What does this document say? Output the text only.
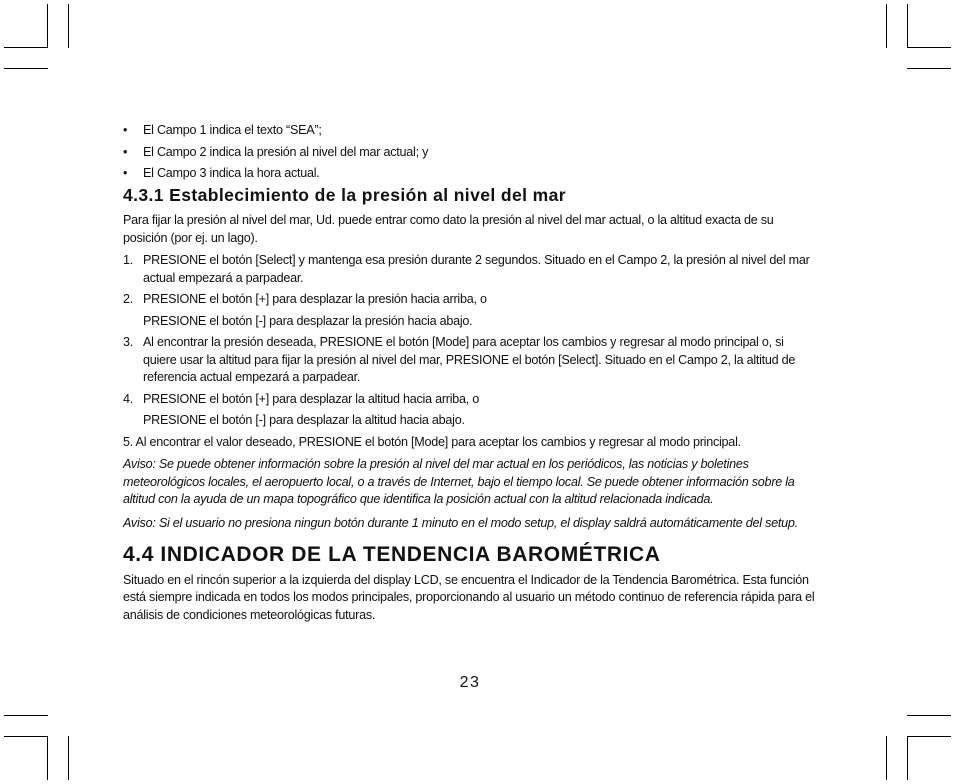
• El Campo 1 indica el texto “SEA”;
• El Campo 2 indica la presión al nivel del mar actual; y
• El Campo 3 indica la hora actual.
4.3.1 Establecimiento de la presión al nivel del mar

Para fijar la presión al nivel del mar, Ud. puede entrar como dato la presión al nivel del mar actual, o la altitud exacta de su posición (por ej. un lago).

1. PRESIONE el botón [Select] y mantenga esa presión durante 2 segundos. Situado en el Campo 2, la presión al nivel del mar actual empezará a parpadear.
2. PRESIONE el botón [+] para desplazar la presión hacia arriba, o
PRESIONE el botón [-] para desplazar la presión hacia abajo.
3. Al encontrar la presión deseada, PRESIONE el botón [Mode] para aceptar los cambios y regresar al modo principal o, si quiere usar la altitud para fijar la presión al nivel del mar, PRESIONE el botón [Select]. Situado en el Campo 2, la altitud de referencia actual empezará a parpadear.
4. PRESIONE el botón [+] para desplazar la altitud hacia arriba, o
PRESIONE el botón [-] para desplazar la altitud hacia abajo.

5. Al encontrar el valor deseado, PRESIONE el botón [Mode] para aceptar los cambios y regresar al modo principal.

Aviso: Se puede obtener información sobre la presión al nivel del mar actual en los periódicos, las noticias y boletines meteorológicos locales, el aeropuerto local, o a través de Internet, bajo el tiempo local. Se puede obtener información sobre la altitud con la ayuda de un mapa topográfico que identifica la posición actual con la altitud relacionada indicada.

Aviso: Si el usuario no presiona ningun botón durante 1 minuto en el modo setup, el display saldrá automáticamente del setup.

4.4 INDICADOR DE LA TENDENCIA BAROMÉTRICA

Situado en el rincón superior a la izquierda del display LCD, se encuentra el Indicador de la Tendencia Barométrica. Esta función está siempre indicada en todos los modos principales, proporcionando al usuario un método continuo de referencia rápida para el análisis de condiciones meteorológicas futuras.

23
